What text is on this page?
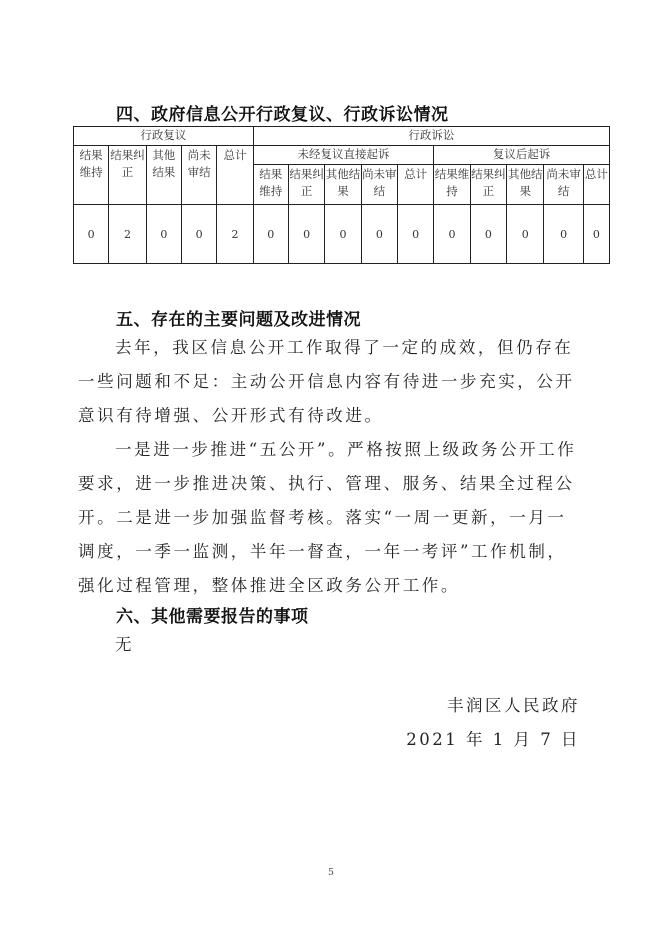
四、政府信息公开行政复议、行政诉讼情况
行政复议					行政诉讼									
结果维持	结果纠正	其他结果	尚未审结	总计	未经复议直接起诉					复议后起诉				
					结果维持	结果纠正	其他结果	尚未审结	总计	结果维持	结果纠正	其他结果	尚未审结	总计
0	2	0	0	2	0	0	0	0	0	0	0	0	0	0
五、存在的主要问题及改进情况
去年，我区信息公开工作取得了一定的成效，但仍存在一些问题和不足：主动公开信息内容有待进一步充实，公开意识有待增强、公开形式有待改进。
一是进一步推进“五公开”。严格按照上级政务公开工作要求，进一步推进决策、执行、管理、服务、结果全过程公开。二是进一步加强监督考核。落实“一周一更新，一月一调度，一季一监测，半年一督查，一年一考评”工作机制，强化过程管理，整体推进全区政务公开工作。
六、其他需要报告的事项
无
丰润区人民政府
2021 年 1 月 7 日
5
